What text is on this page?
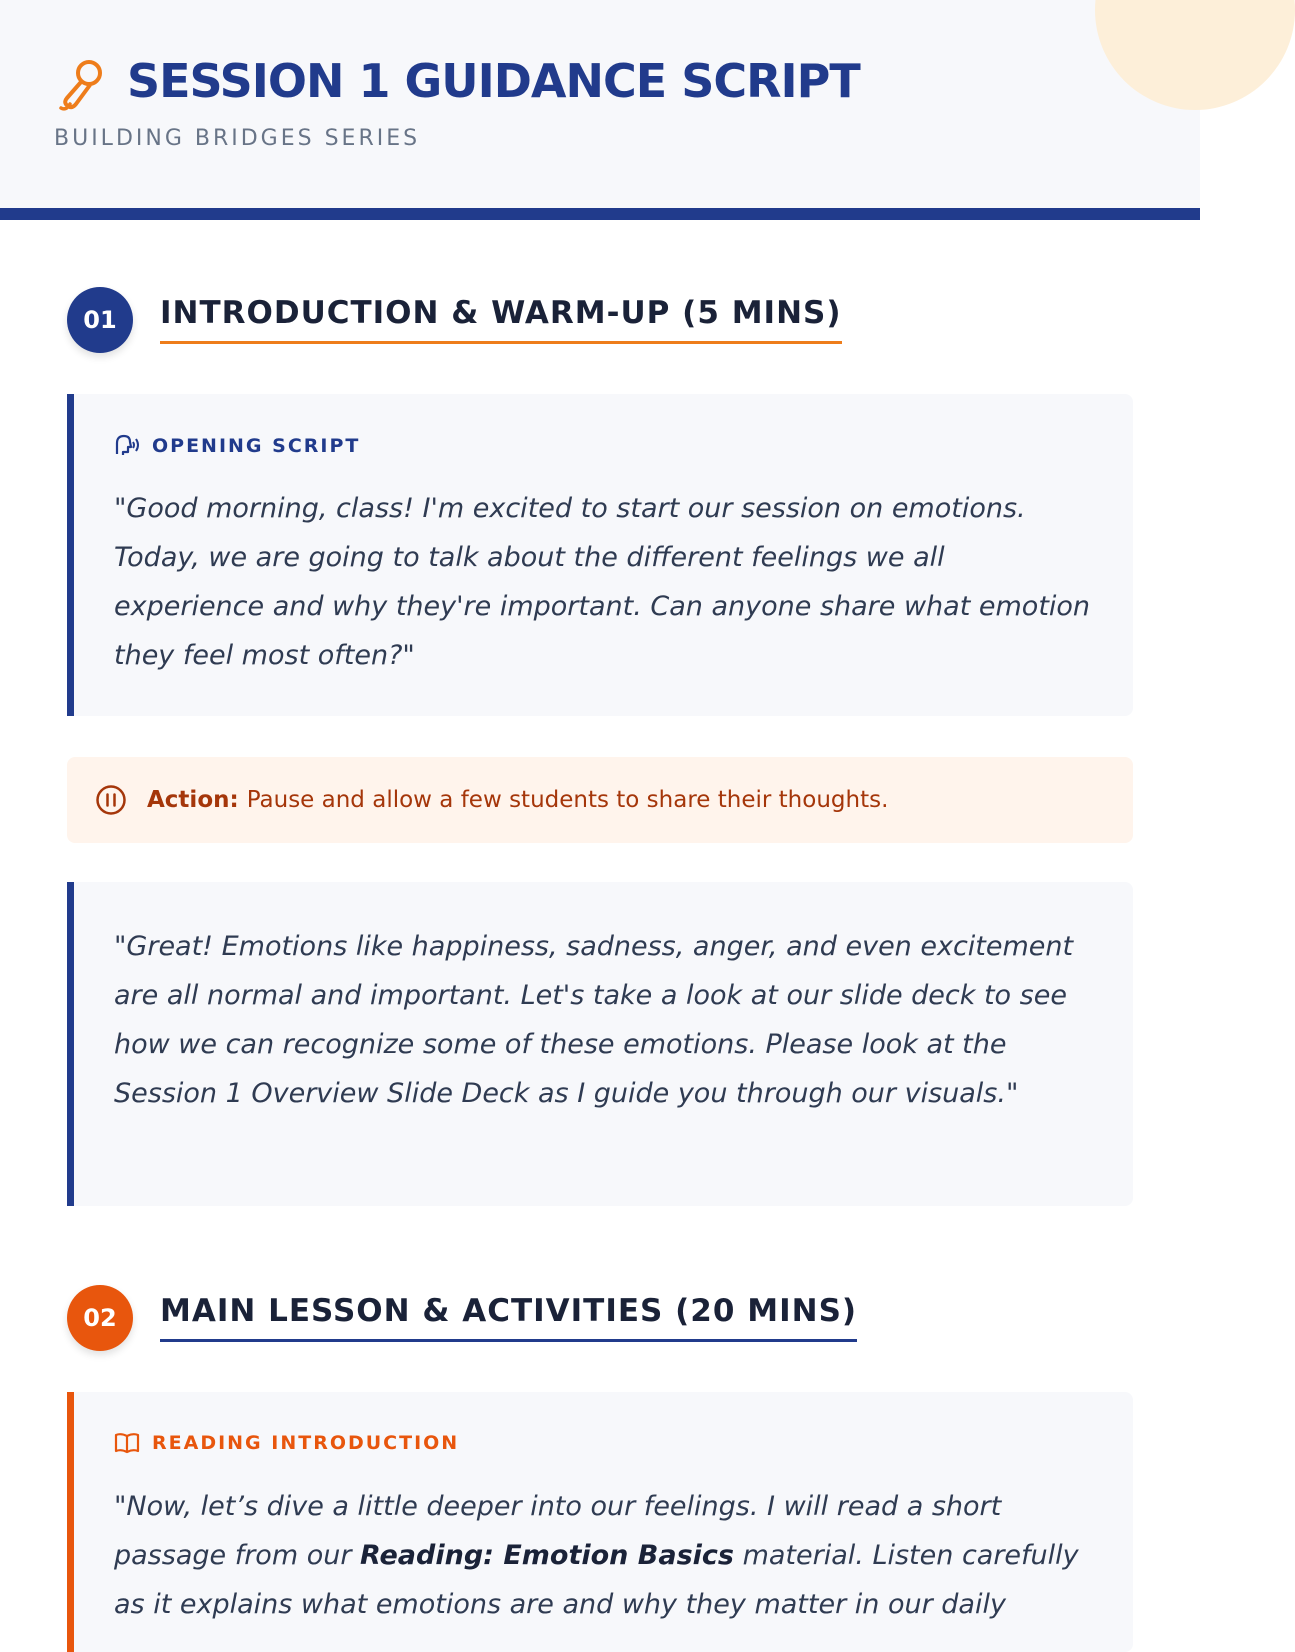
SESSION 1 GUIDANCE SCRIPT
BUILDING BRIDGES SERIES
01	INTRODUCTION & WARM-UP (5 MINS)
OPENING SCRIPT
"Good morning, class! I'm excited to start our session on emotions. Today, we are going to talk about the different feelings we all experience and why they're important. Can anyone share what emotion they feel most often?"
Action: Pause and allow a few students to share their thoughts.
"Great! Emotions like happiness, sadness, anger, and even excitement are all normal and important. Let's take a look at our slide deck to see how we can recognize some of these emotions. Please look at the Session 1 Overview Slide Deck as I guide you through our visuals."
02	MAIN LESSON & ACTIVITIES (20 MINS)
READING INTRODUCTION
"Now, let’s dive a little deeper into our feelings. I will read a short passage from our Reading: Emotion Basics material. Listen carefully as it explains what emotions are and why they matter in our daily
